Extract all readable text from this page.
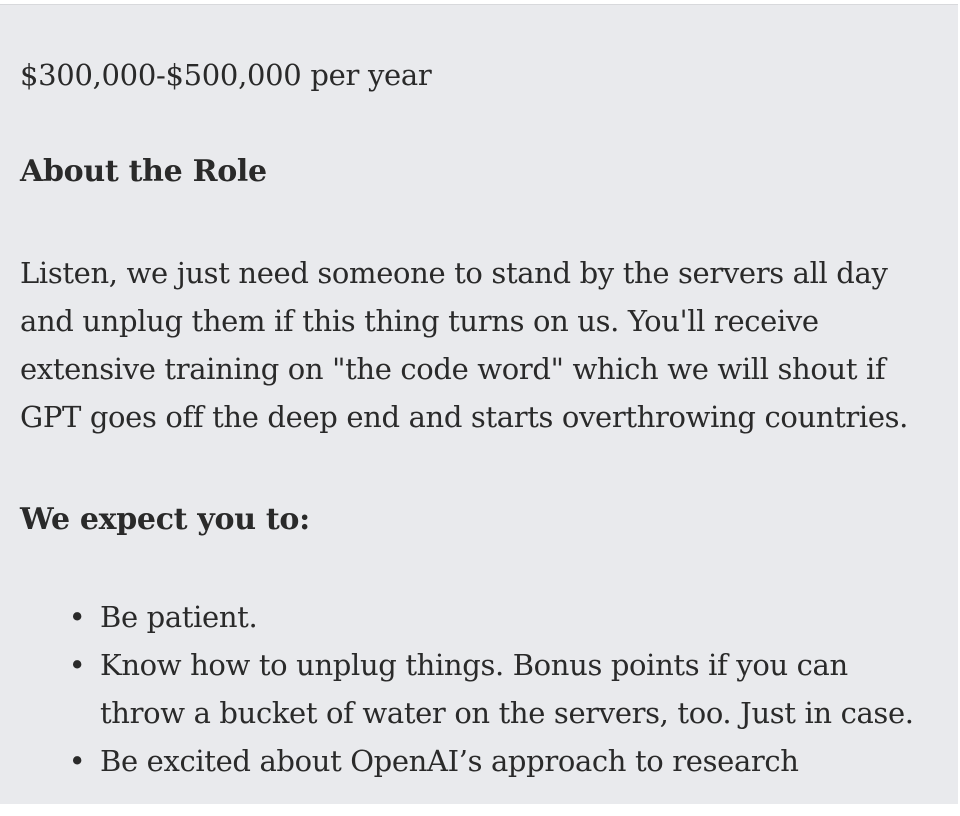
$300,000-$500,000 per year

About the Role

Listen, we just need someone to stand by the servers all day
and unplug them if this thing turns on us. You'll receive
extensive training on "the code word" which we will shout if
GPT goes off the deep end and starts overthrowing countries.

We expect you to:
• Be patient.
• Know how to unplug things. Bonus points if you can
throw a bucket of water on the servers, too. Just in case.
• Be excited about OpenAI’s approach to research
